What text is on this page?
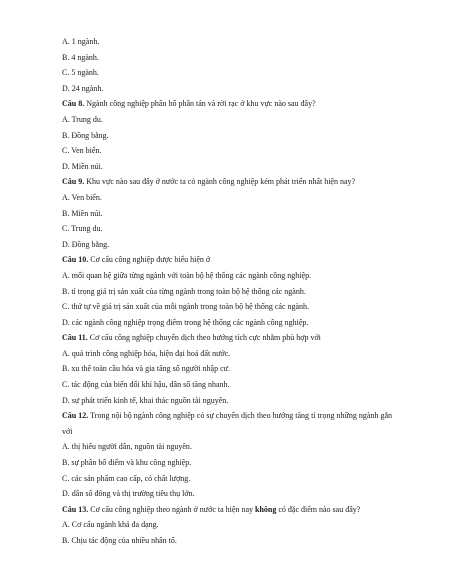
A. 1 ngành.
B. 4 ngành.
C. 5 ngành.
D. 24 ngành.
Câu 8. Ngành công nghiệp phân bố phân tán và rời rạc ở khu vực nào sau đây?
A. Trung du.
B. Đồng bằng.
C. Ven biển.
D. Miền núi.
Câu 9. Khu vực nào sau đây ở nước ta có ngành công nghiệp kém phát triển nhất hiện nay?
A. Ven biển.
B. Miền núi.
C. Trung du.
D. Đồng bằng.
Câu 10. Cơ cấu công nghiệp được biểu hiện ở
A. mối quan hệ giữa từng ngành với toàn bộ hệ thống các ngành công nghiệp.
B. tỉ trọng giá trị sản xuất của từng ngành trong toàn bộ hệ thống các ngành.
C. thứ tự về giá trị sản xuất của mỗi ngành trong toàn bộ hệ thống các ngành.
D. các ngành công nghiệp trọng điểm trong hệ thống các ngành công nghiệp.
Câu 11. Cơ cấu công nghiệp chuyển dịch theo hướng tích cực nhằm phù hợp với
A. quá trình công nghiệp hóa, hiện đại hoá đất nước.
B. xu thế toàn cầu hóa và gia tăng số người nhập cư.
C. tác động của biến đổi khí hậu, dân số tăng nhanh.
D. sự phát triển kinh tế, khai thác nguồn tài nguyên.
Câu 12. Trong nội bộ ngành công nghiệp có sự chuyển dịch theo hướng tăng tỉ trọng những ngành gắn với
A. thị hiếu người dân, nguồn tài nguyên.
B. sự phân bố điểm và khu công nghiệp.
C. các sản phẩm cao cấp, có chất lượng.
D. dân số đông và thị trường tiêu thụ lớn.
Câu 13. Cơ cấu công nghiệp theo ngành ở nước ta hiện nay không có đặc điểm nào sau đây?
A. Cơ cấu ngành khá đa dạng.
B. Chịu tác động của nhiều nhân tố.
